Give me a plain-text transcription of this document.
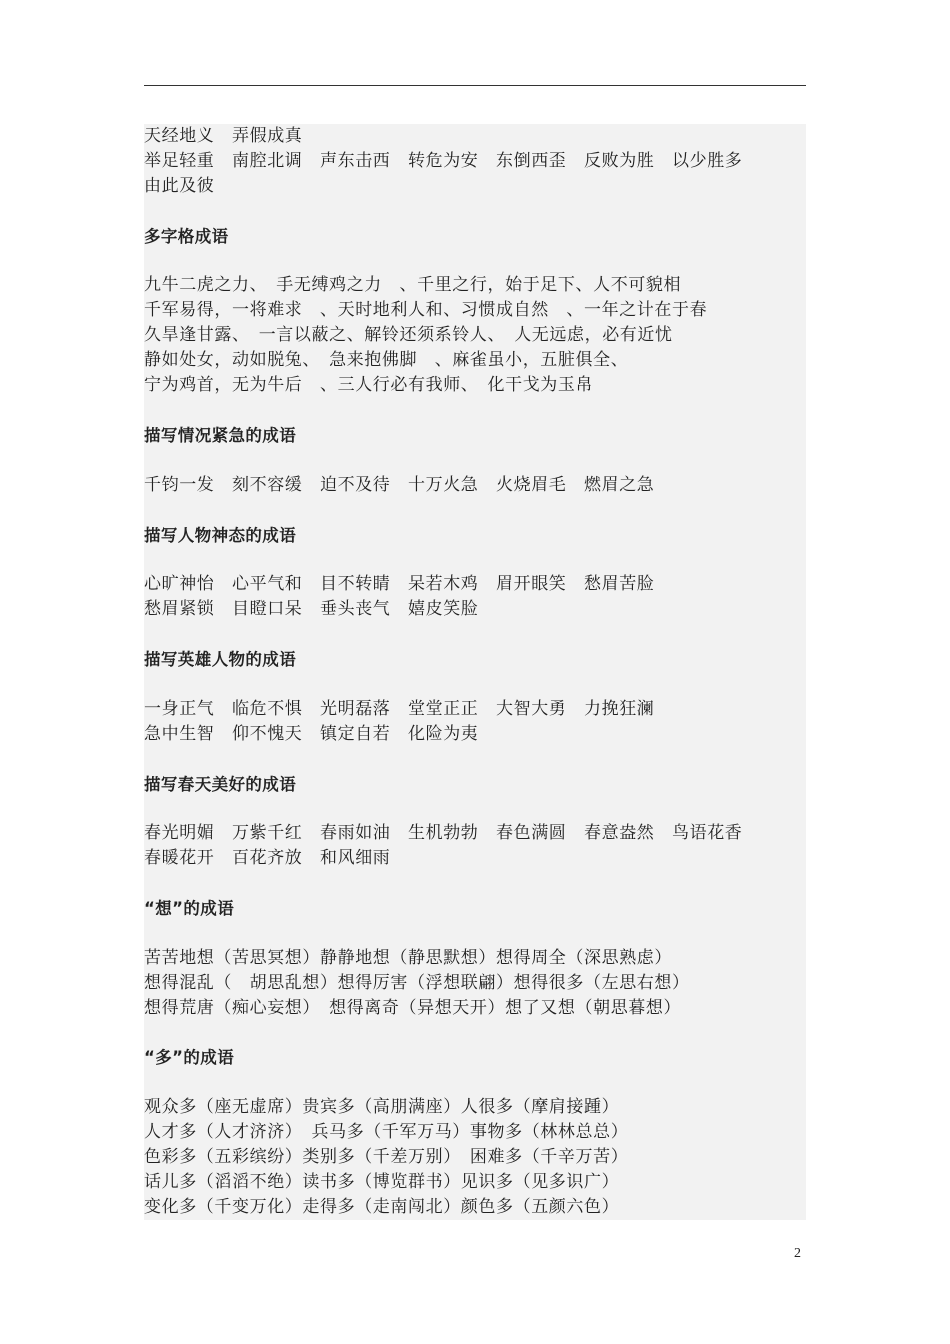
天经地义　弄假成真
举足轻重　南腔北调　声东击西　转危为安　东倒西歪　反败为胜　以少胜多
由此及彼
多字格成语
九牛二虎之力、　手无缚鸡之力　、千里之行，始于足下、人不可貌相
千军易得，一将难求　、天时地利人和、习惯成自然　、一年之计在于春
久旱逢甘露、　一言以蔽之、解铃还须系铃人、　人无远虑，必有近忧
静如处女，动如脱兔、　急来抱佛脚　、麻雀虽小，五脏俱全、
宁为鸡首，无为牛后　、三人行必有我师、　化干戈为玉帛
描写情况紧急的成语
千钧一发　刻不容缓　迫不及待　十万火急　火烧眉毛　燃眉之急
描写人物神态的成语
心旷神怡　心平气和　目不转睛　呆若木鸡　眉开眼笑　愁眉苦脸
愁眉紧锁　目瞪口呆　垂头丧气　嬉皮笑脸
描写英雄人物的成语
一身正气　临危不惧　光明磊落　堂堂正正　大智大勇　力挽狂澜
急中生智　仰不愧天　镇定自若　化险为夷
描写春天美好的成语
春光明媚　万紫千红　春雨如油　生机勃勃　春色满圆　春意盎然　鸟语花香
春暖花开　百花齐放　和风细雨
“想”的成语
苦苦地想（苦思冥想）静静地想（静思默想）想得周全（深思熟虑）
想得混乱（　胡思乱想）想得厉害（浮想联翩）想得很多（左思右想）
想得荒唐（痴心妄想）　想得离奇（异想天开）想了又想（朝思暮想）
“多”的成语
观众多（座无虚席）贵宾多（高朋满座）人很多（摩肩接踵）
人才多（人才济济）　兵马多（千军万马）事物多（林林总总）
色彩多（五彩缤纷）类别多（千差万别）　困难多（千辛万苦）
话儿多（滔滔不绝）读书多（博览群书）见识多（见多识广）
变化多（千变万化）走得多（走南闯北）颜色多（五颜六色）
2
